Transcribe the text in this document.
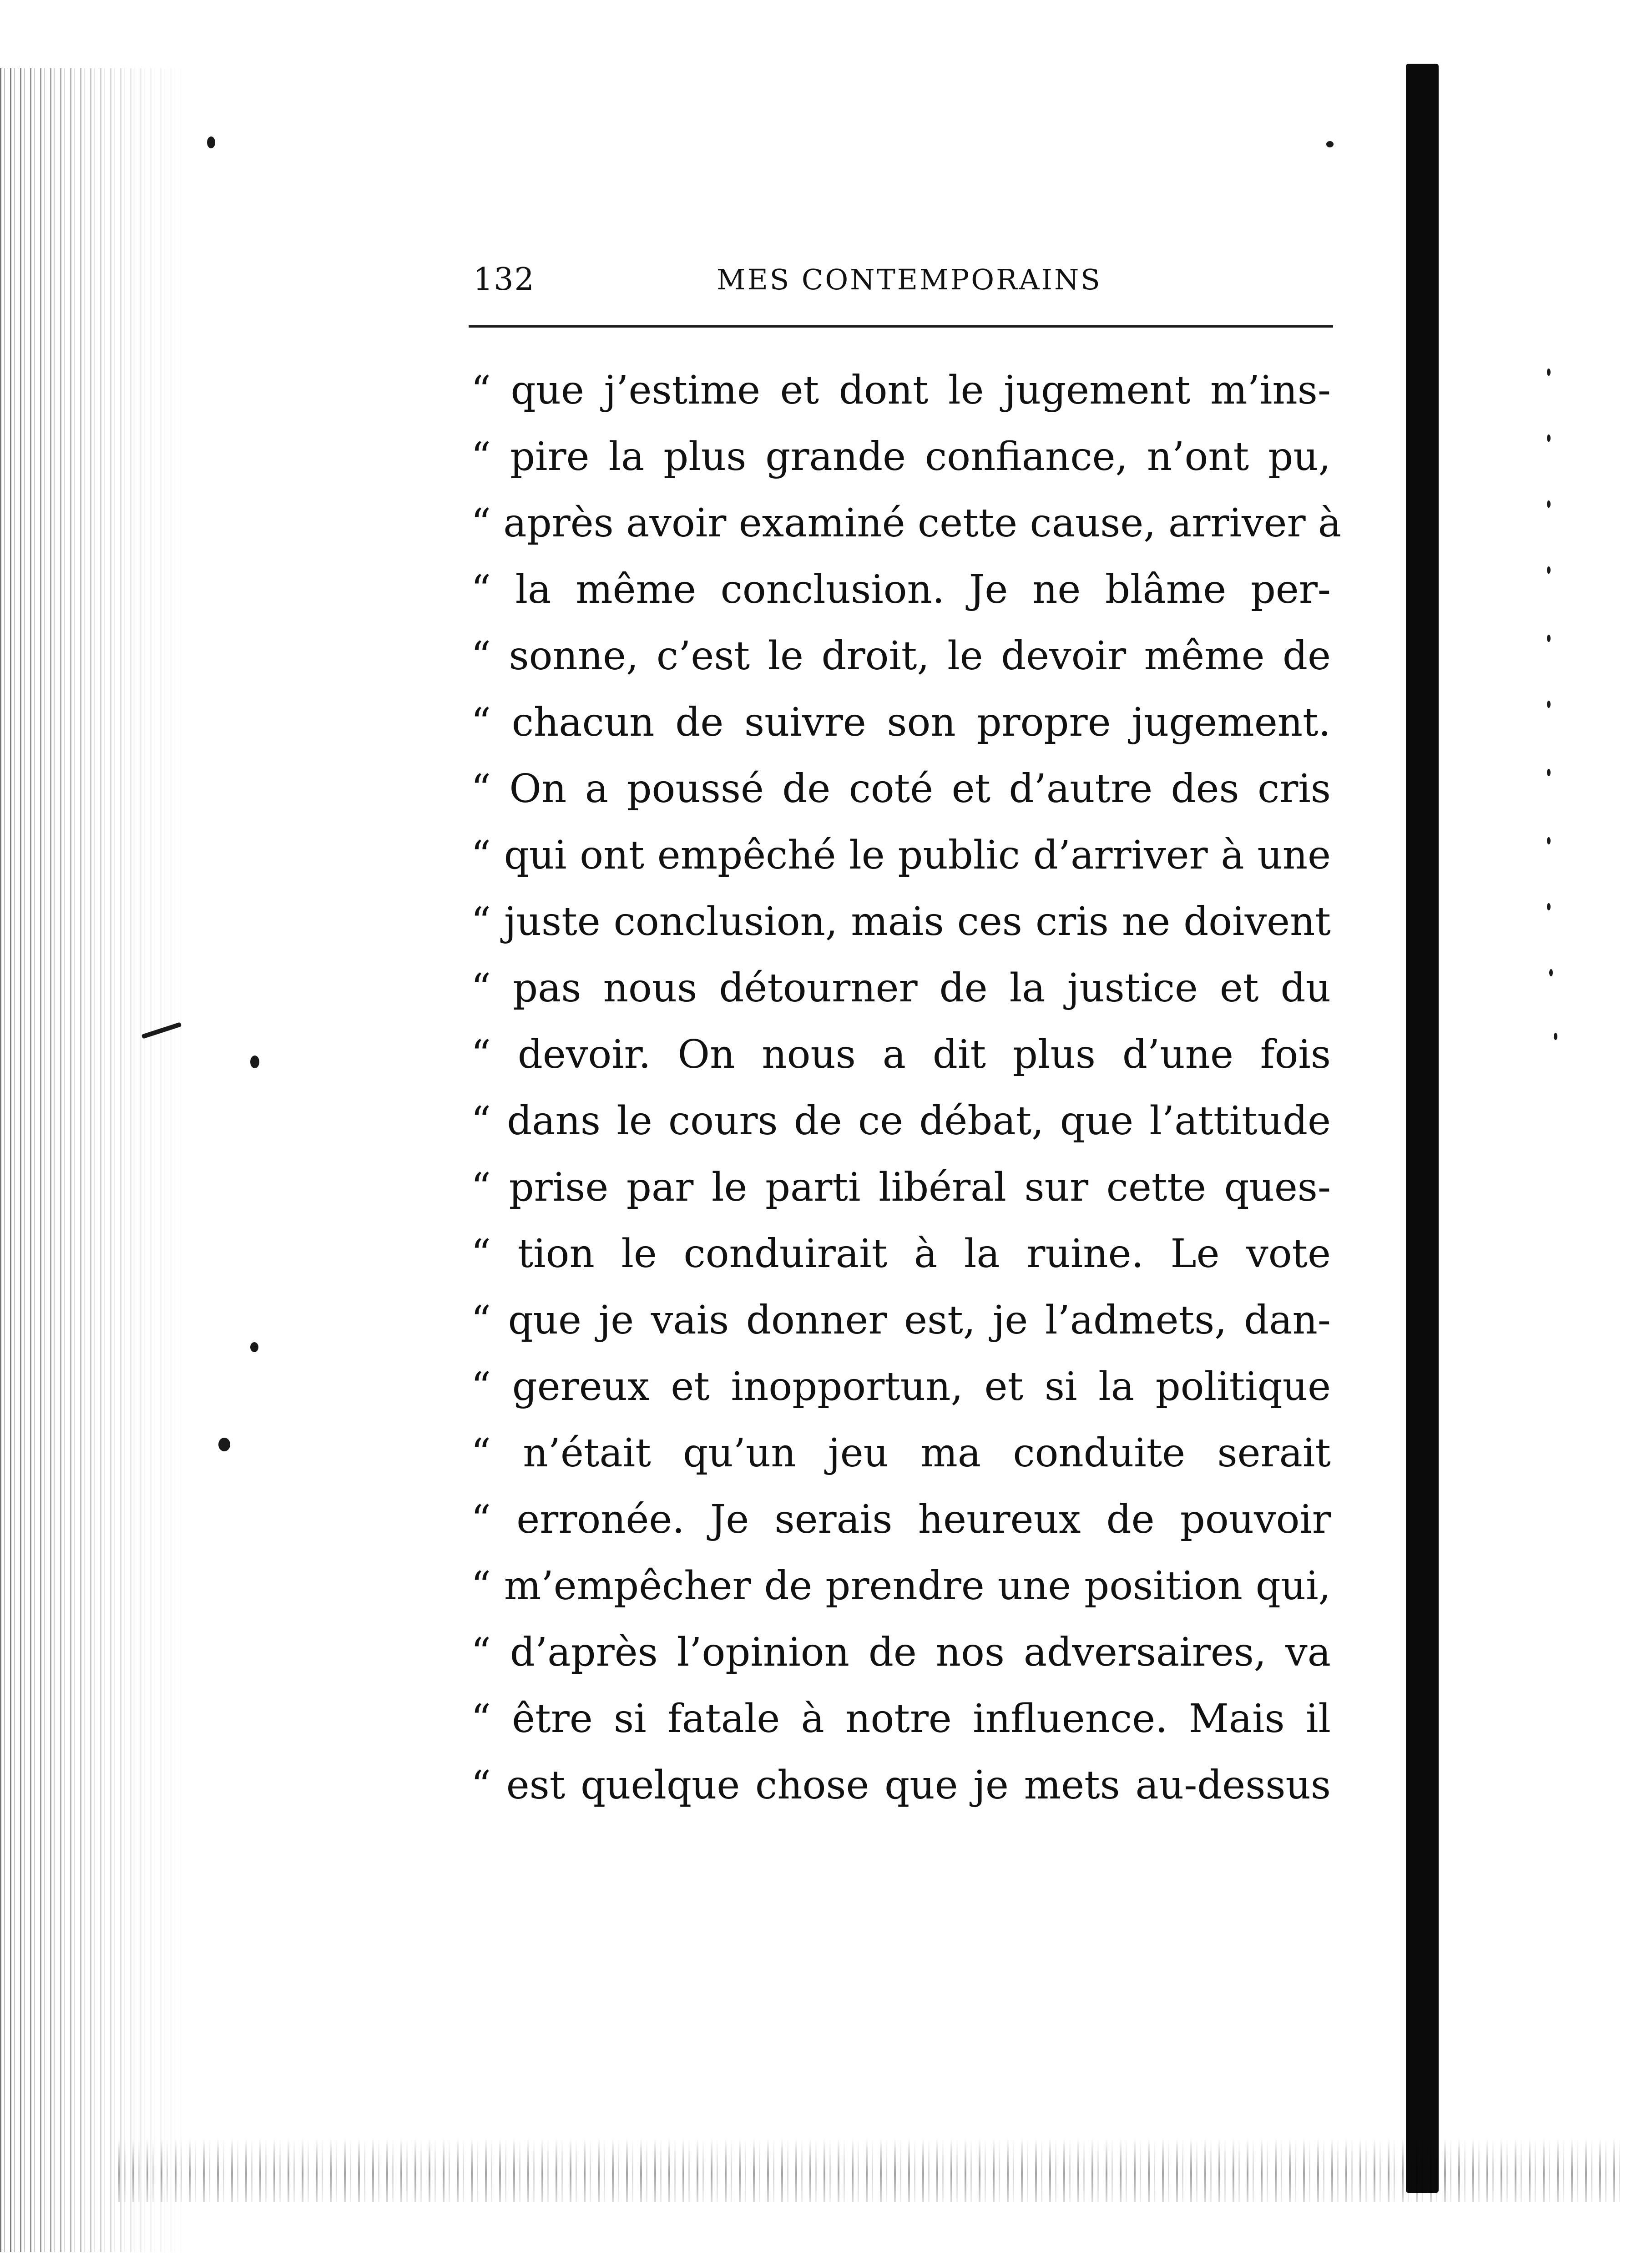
132	MES CONTEMPORAINS
“ que j’estime et dont le jugement m’ins-
“ pire la plus grande confiance, n’ont pu,
“ après avoir examiné cette cause, arriver à
“ la même conclusion. Je ne blâme per-
“ sonne, c’est le droit, le devoir même de
“ chacun de suivre son propre jugement.
“ On a poussé de coté et d’autre des cris
“ qui ont empêché le public d’arriver à une
“ juste conclusion, mais ces cris ne doivent
“ pas nous détourner de la justice et du
“ devoir. On nous a dit plus d’une fois
“ dans le cours de ce débat, que l’attitude
“ prise par le parti libéral sur cette ques-
“ tion le conduirait à la ruine. Le vote
“ que je vais donner est, je l’admets, dan-
“ gereux et inopportun, et si la politique
“ n’était qu’un jeu ma conduite serait
“ erronée. Je serais heureux de pouvoir
“ m’empêcher de prendre une position qui,
“ d’après l’opinion de nos adversaires, va
“ être si fatale à notre influence. Mais il
“ est quelque chose que je mets au-dessus
